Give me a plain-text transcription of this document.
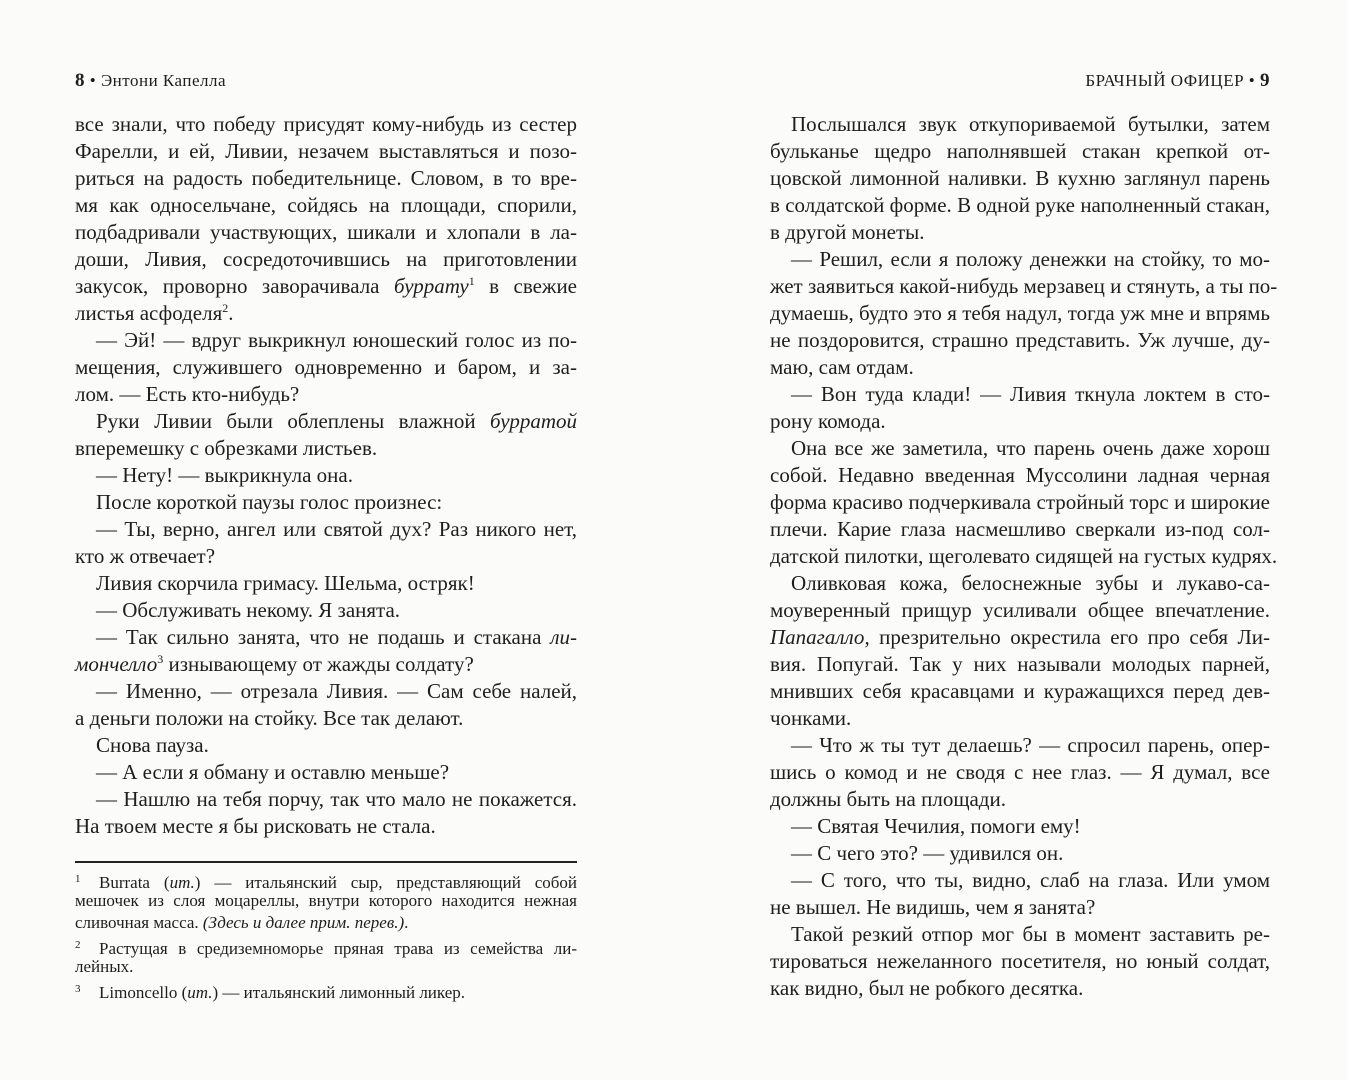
8 • Энтони Капелла
все знали, что победу присудят кому-нибудь из сестер
Фарелли, и ей, Ливии, незачем выставляться и позо-
риться на радость победительнице. Словом, в то вре-
мя как односельчане, сойдясь на площади, спорили,
подбадривали участвующих, шикали и хлопали в ла-
доши, Ливия, сосредоточившись на приготовлении
закусок, проворно заворачивала буррату$^1$ в свежие
листья асфоделя$^2$.
— Эй! — вдруг выкрикнул юношеский голос из по-
мещения, служившего одновременно и баром, и за-
лом. — Есть кто-нибудь?
Руки Ливии были облеплены влажной бурратой
вперемешку с обрезками листьев.
— Нету! — выкрикнула она.
После короткой паузы голос произнес:
— Ты, верно, ангел или святой дух? Раз никого нет,
кто ж отвечает?
Ливия скорчила гримасу. Шельма, остряк!
— Обслуживать некому. Я занята.
— Так сильно занята, что не подашь и стакана ли-
мончелло$^3$ изнывающему от жажды солдату?
— Именно, — отрезала Ливия. — Сам себе налей,
а деньги положи на стойку. Все так делают.
Снова пауза.
— А если я обману и оставлю меньше?
— Нашлю на тебя порчу, так что мало не покажется.
На твоем месте я бы рисковать не стала.
1 Burrata (ит.) — итальянский сыр, представляющий собой
мешочек из слоя моцареллы, внутри которого находится нежная
сливочная масса. (Здесь и далее прим. перев.).
2 Растущая в средиземноморье пряная трава из семейства ли-
лейных.
3 Limoncello (ит.) — итальянский лимонный ликер.
БРАЧНЫЙ ОФИЦЕР • 9
Послышался звук откупориваемой бутылки, затем
бульканье щедро наполнявшей стакан крепкой от-
цовской лимонной наливки. В кухню заглянул парень
в солдатской форме. В одной руке наполненный стакан,
в другой монеты.
— Решил, если я положу денежки на стойку, то мо-
жет заявиться какой-нибудь мерзавец и стянуть, а ты по-
думаешь, будто это я тебя надул, тогда уж мне и впрямь
не поздоровится, страшно представить. Уж лучше, ду-
маю, сам отдам.
— Вон туда клади! — Ливия ткнула локтем в сто-
рону комода.
Она все же заметила, что парень очень даже хорош
собой. Недавно введенная Муссолини ладная черная
форма красиво подчеркивала стройный торс и широкие
плечи. Карие глаза насмешливо сверкали из-под сол-
датской пилотки, щеголевато сидящей на густых кудрях.
Оливковая кожа, белоснежные зубы и лукаво-са-
моуверенный прищур усиливали общее впечатление.
Папагалло, презрительно окрестила его про себя Ли-
вия. Попугай. Так у них называли молодых парней,
мнивших себя красавцами и куражащихся перед дев-
чонками.
— Что ж ты тут делаешь? — спросил парень, опер-
шись о комод и не сводя с нее глаз. — Я думал, все
должны быть на площади.
— Святая Чечилия, помоги ему!
— С чего это? — удивился он.
— С того, что ты, видно, слаб на глаза. Или умом
не вышел. Не видишь, чем я занята?
Такой резкий отпор мог бы в момент заставить ре-
тироваться нежеланного посетителя, но юный солдат,
как видно, был не робкого десятка.
